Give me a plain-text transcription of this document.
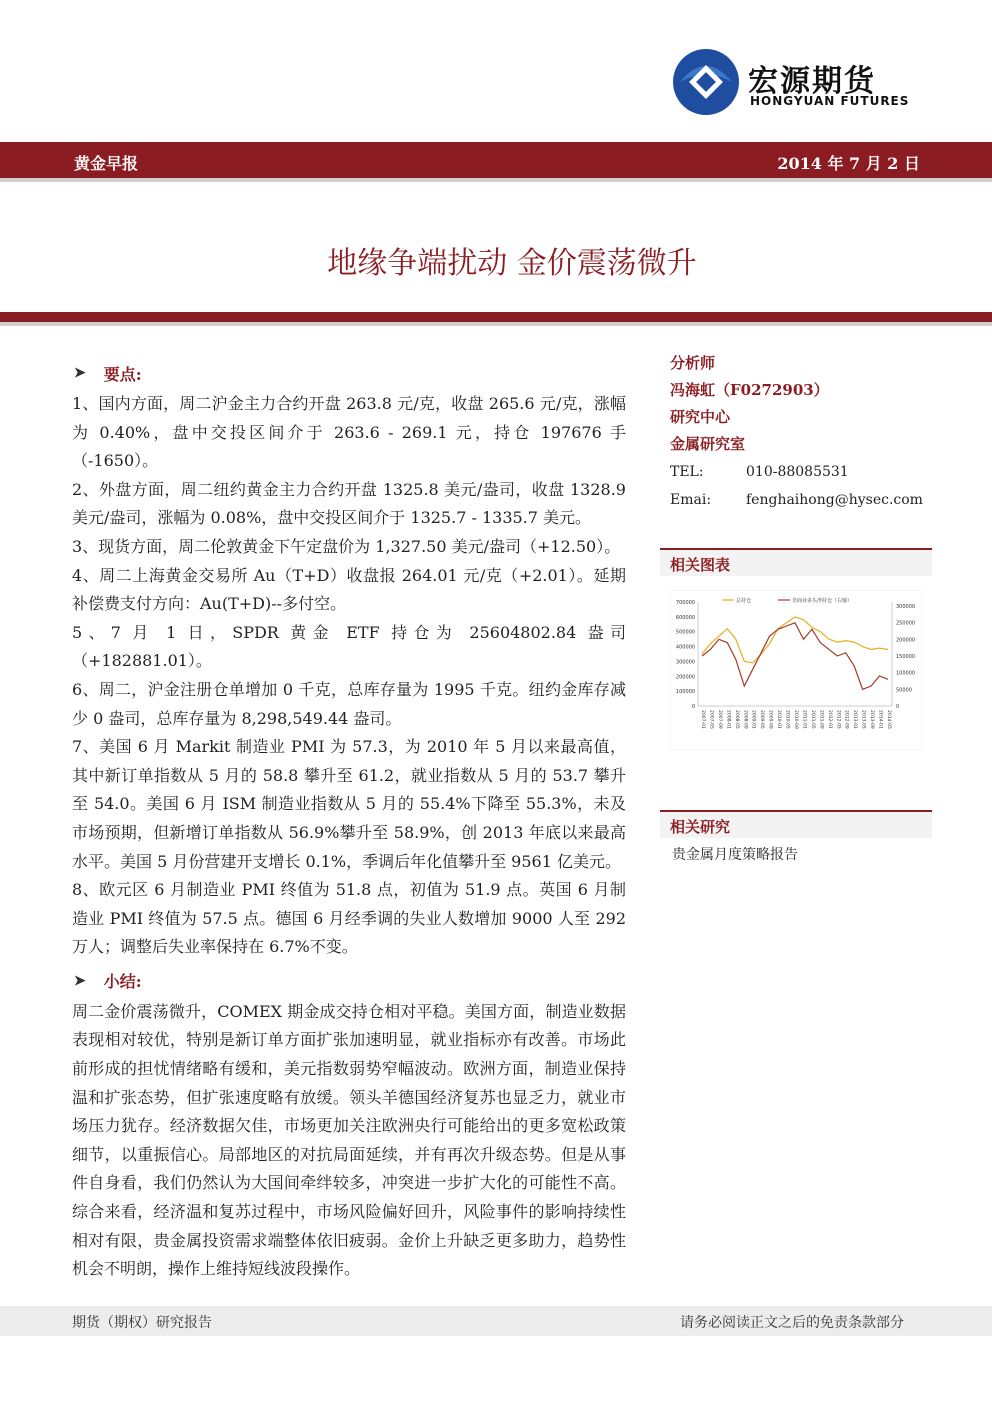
宏源期货
HONGYUAN FUTURES
黄金早报	2014 年 7 月 2 日
地缘争端扰动 金价震荡微升
➤ 要点:

1、国内方面，周二沪金主力合约开盘 263.8 元/克，收盘 265.6 元/克，涨幅为 0.40%，盘中交投区间介于 263.6 - 269.1 元，持仓 197676 手（-1650）。

2、外盘方面，周二纽约黄金主力合约开盘 1325.8 美元/盎司，收盘 1328.9 美元/盎司，涨幅为 0.08%，盘中交投区间介于 1325.7 - 1335.7 美元。

3、现货方面，周二伦敦黄金下午定盘价为 1,327.50 美元/盎司（+12.50）。

4、周二上海黄金交易所 Au（T+D）收盘报 264.01 元/克（+2.01）。延期补偿费支付方向：Au(T+D)--多付空。

5、7 月 1 日，SPDR 黄金 ETF 持仓为 25604802.84 盎司（+182881.01）。

6、周二，沪金注册仓单增加 0 千克，总库存量为 1995 千克。纽约金库存减少 0 盎司，总库存量为 8,298,549.44 盎司。

7、美国 6 月 Markit 制造业 PMI 为 57.3，为 2010 年 5 月以来最高值，其中新订单指数从 5 月的 58.8 攀升至 61.2，就业指数从 5 月的 53.7 攀升至 54.0。美国 6 月 ISM 制造业指数从 5 月的 55.4%下降至 55.3%，未及市场预期，但新增订单指数从 56.9%攀升至 58.9%，创 2013 年底以来最高水平。美国 5 月份营建开支增长 0.1%，季调后年化值攀升至 9561 亿美元。

8、欧元区 6 月制造业 PMI 终值为 51.8 点，初值为 51.9 点。英国 6 月制造业 PMI 终值为 57.5 点。德国 6 月经季调的失业人数增加 9000 人至 292 万人；调整后失业率保持在 6.7%不变。

➤ 小结:
周二金价震荡微升，COMEX 期金成交持仓相对平稳。美国方面，制造业数据表现相对较优，特别是新订单方面扩张加速明显，就业指标亦有改善。市场此前形成的担忧情绪略有缓和，美元指数弱势窄幅波动。欧洲方面，制造业保持温和扩张态势，但扩张速度略有放缓。领头羊德国经济复苏也显乏力，就业市场压力犹存。经济数据欠佳，市场更加关注欧洲央行可能给出的更多宽松政策细节，以重振信心。局部地区的对抗局面延续，并有再次升级态势。但是从事件自身看，我们仍然认为大国间牵绊较多，冲突进一步扩大化的可能性不高。综合来看，经济温和复苏过程中，市场风险偏好回升，风险事件的影响持续性相对有限，贵金属投资需求端整体依旧疲弱。金价上升缺乏更多助力，趋势性机会不明朗，操作上维持短线波段操作。
分析师
冯海虹（F0272903）
研究中心
金属研究室
TEL:	010-88085531
Emai:	fenghaihong@hysec.com
相关图表
700000
600000
500000
400000
300000
200000
100000
0
300000
250000
200000
150000
100000
50000
0
2007-01 2007-05 2007-09 2008-01 2008-05 2008-09 2009-01 2009-05 2009-09 2010-01 2010-05 2010-09 2011-01 2011-05 2011-09 2012-01 2012-05 2012-09 2013-01 2013-05 2013-09 2014-01 2014-05
总持仓	非商业多头净持仓（右轴）
相关研究
贵金属月度策略报告
期货（期权）研究报告	请务必阅读正文之后的免责条款部分
